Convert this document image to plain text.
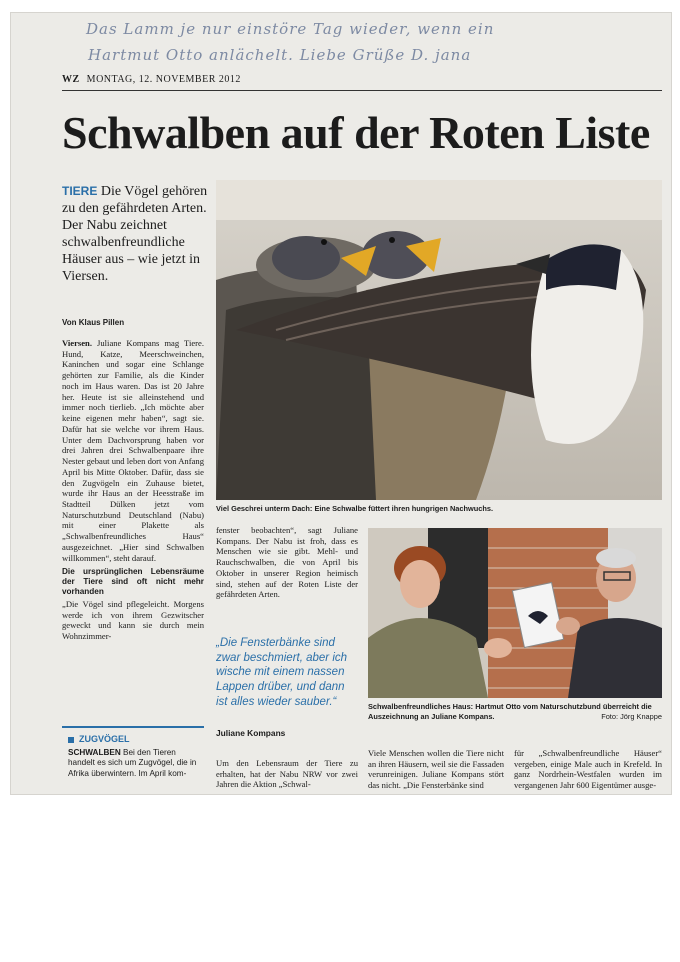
Das Lamm je nur einstöre Tag wieder, wenn ein
Hartmut Otto anlächelt. Liebe Grüße D. jana
WZ MONTAG, 12. NOVEMBER 2012
Schwalben auf der Roten Liste
TIERE Die Vögel gehören zu den gefährdeten Arten. Der Nabu zeichnet schwalbenfreundliche Häuser aus – wie jetzt in Viersen.
Von Klaus Pillen

Viersen. Juliane Kompans mag Tiere. Hund, Katze, Meerschweinchen, Kaninchen und sogar eine Schlange gehörten zur Familie, als die Kinder noch im Haus waren. Das ist 20 Jahre her. Heute ist sie alleinstehend und immer noch tierlieb. „Ich möchte aber keine eigenen mehr haben“, sagt sie. Dafür hat sie welche vor ihrem Haus. Unter dem Dachvorsprung haben vor drei Jahren drei Schwalbenpaare ihre Nester gebaut und leben dort von Anfang April bis Mitte Oktober. Dafür, dass sie den Zugvögeln ein Zuhause bietet, wurde ihr Haus an der Heesstraße im Stadtteil Dülken jetzt vom Naturschutzbund Deutschland (Nabu) mit einer Plakette als „Schwalbenfreundliches Haus“ ausgezeichnet. „Hier sind Schwalben willkommen“, steht darauf.

Die ursprünglichen Lebensräume der Tiere sind oft nicht mehr vorhanden

„Die Vögel sind pflegeleicht. Morgens werde ich von ihrem Gezwitscher geweckt und kann sie durch mein Wohnzimmer-

Viel Geschrei unterm Dach: Eine Schwalbe füttert ihren hungrigen Nachwuchs.

fenster beobachten“, sagt Juliane Kompans. Der Nabu ist froh, dass es Menschen wie sie gibt. Mehl- und Rauchschwalben, die von April bis Oktober in unserer Region heimisch sind, stehen auf der Roten Liste der gefährdeten Arten.

„Die Fensterbänke sind zwar beschmiert, aber ich wische mit einem nassen Lappen drüber, und dann ist alles wieder sauber.“
Juliane Kompans

Um den Lebensraum der Tiere zu erhalten, hat der Nabu NRW vor zwei Jahren die Aktion „Schwal-

Schwalbenfreundliches Haus: Hartmut Otto vom Naturschutzbund überreicht die Auszeichnung an Juliane Kompans.	Foto: Jörg Knappe

Viele Menschen wollen die Tiere nicht an ihren Häusern, weil sie die Fassaden verunreinigen. Juliane Kompans stört das nicht. „Die Fensterbänke sind

für „Schwalbenfreundliche Häuser“ vergeben, einige Male auch in Krefeld. In ganz Nordrhein-Westfalen wurden im vergangenen Jahr 600 Eigentümer ausge-

ZUGVÖGEL
SCHWALBEN Bei den Tieren handelt es sich um Zugvögel, die in Afrika überwintern. Im April kom-
